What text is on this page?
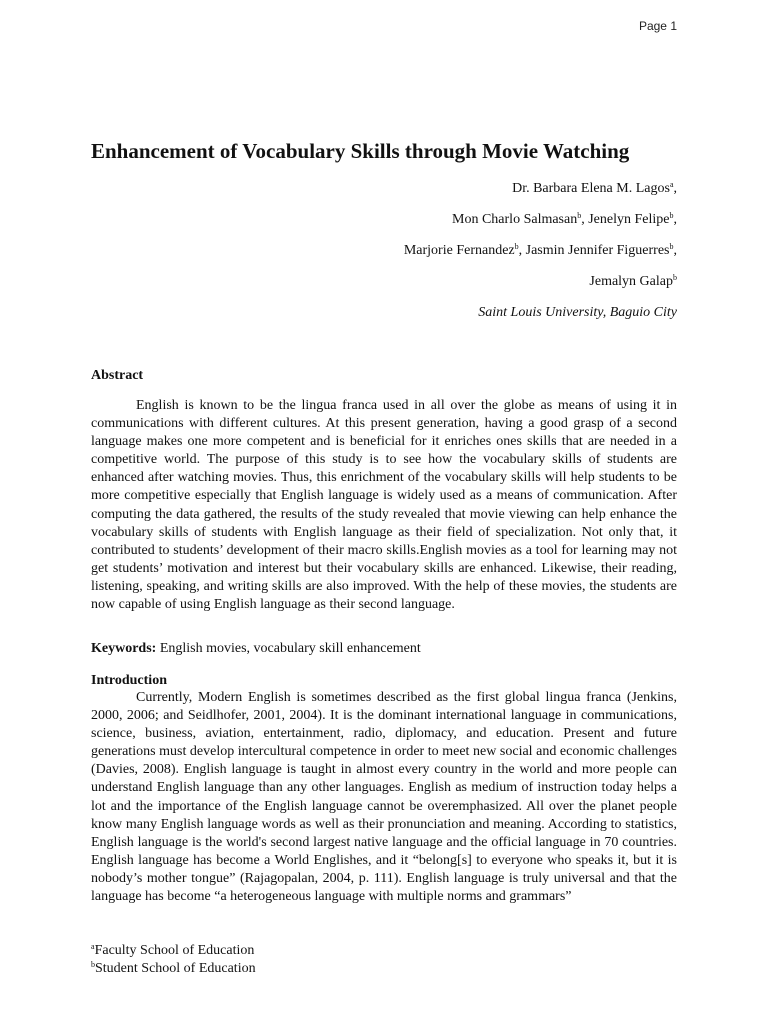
Page 1
Enhancement of Vocabulary Skills through Movie Watching
Dr. Barbara Elena M. Lagos$^a$,
Mon Charlo Salmasan$^b$, Jenelyn Felipe$^b$,
Marjorie Fernandez$^b$, Jasmin Jennifer Figuerres$^b$,
Jemalyn Galap$^b$
Saint Louis University, Baguio City
Abstract

English is known to be the lingua franca used in all over the globe as means of using it in communications with different cultures. At this present generation, having a good grasp of a second language makes one more competent and is beneficial for it enriches ones skills that are needed in a competitive world. The purpose of this study is to see how the vocabulary skills of students are enhanced after watching movies. Thus, this enrichment of the vocabulary skills will help students to be more competitive especially that English language is widely used as a means of communication. After computing the data gathered, the results of the study revealed that movie viewing can help enhance the vocabulary skills of students with English language as their field of specialization. Not only that, it contributed to students’ development of their macro skills.English movies as a tool for learning may not get students’ motivation and interest but their vocabulary skills are enhanced. Likewise, their reading, listening, speaking, and writing skills are also improved. With the help of these movies, the students are now capable of using English language as their second language.

Keywords: English movies, vocabulary skill enhancement
Introduction

Currently, Modern English is sometimes described as the first global lingua franca (Jenkins, 2000, 2006; and Seidlhofer, 2001, 2004). It is the dominant international language in communications, science, business, aviation, entertainment, radio, diplomacy, and education. Present and future generations must develop intercultural competence in order to meet new social and economic challenges (Davies, 2008). English language is taught in almost every country in the world and more people can understand English language than any other languages. English as medium of instruction today helps a lot and the importance of the English language cannot be overemphasized. All over the planet people know many English language words as well as their pronunciation and meaning. According to statistics, English language is the world's second largest native language and the official language in 70 countries. English language has become a World Englishes, and it “belong[s] to everyone who speaks it, but it is nobody’s mother tongue” (Rajagopalan, 2004, p. 111). English language is truly universal and that the language has become “a heterogeneous language with multiple norms and grammars”

$^a$Faculty School of Education
$^b$Student School of Education
